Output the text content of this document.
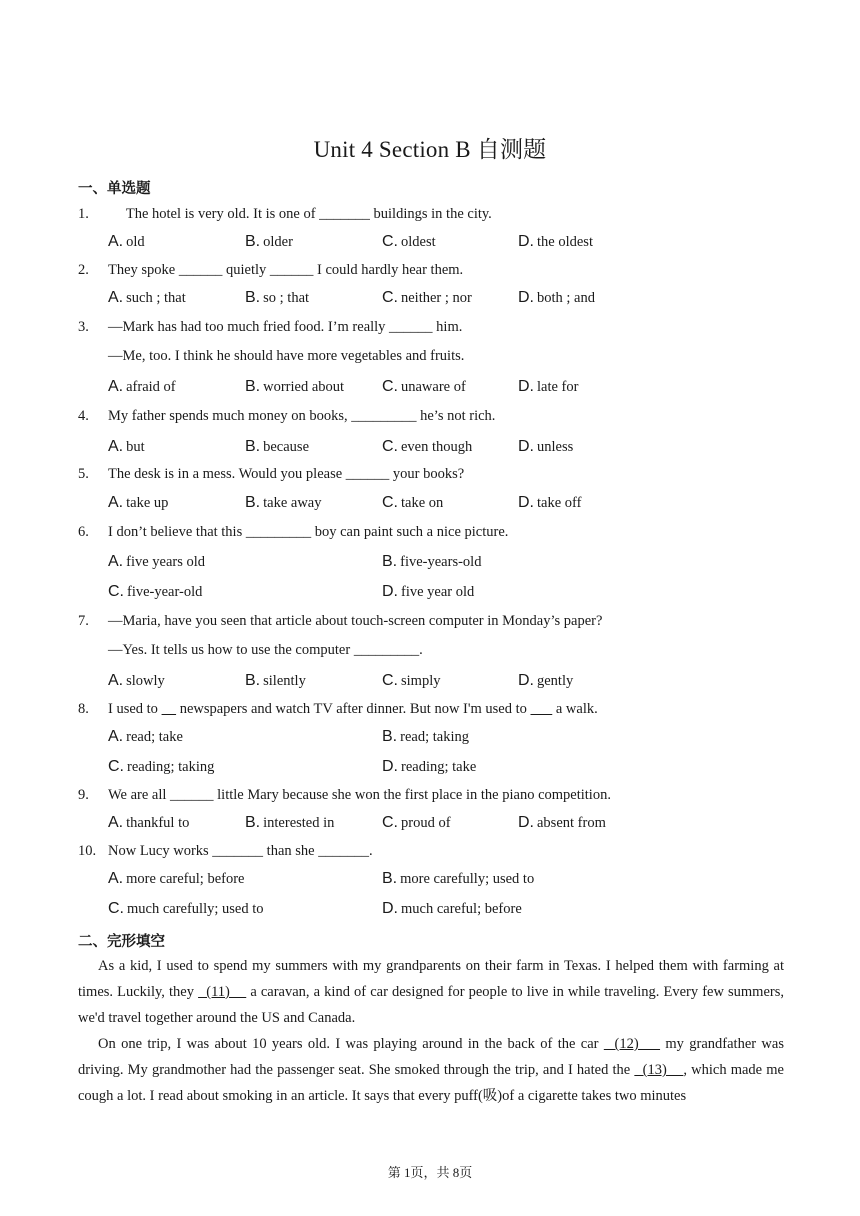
Unit 4 Section B 自测题
一、单选题
1. The hotel is very old. It is one of _______ buildings in the city.
A. old	B. older	C. oldest	D. the oldest
2. They spoke ______ quietly ______ I could hardly hear them.
A. such ; that	B. so ; that	C. neither ; nor	D. both ; and
3. —Mark has had too much fried food. I’m really ______ him.
—Me, too. I think he should have more vegetables and fruits.
A. afraid of	B. worried about C. unaware of	D. late for
4. My father spends much money on books, _________ he’s not rich.
A. but	B. because	C. even though	D. unless
5. The desk is in a mess. Would you please ______ your books?
A. take up	B. take away	C. take on	D. take off
6. I don’t believe that this _________ boy can paint such a nice picture.
A. five years old	B. five-years-old
C. five-year-old	D. five year old
7. —Maria, have you seen that article about touch-screen computer in Monday’s paper?
—Yes. It tells us how to use the computer _________.
A. slowly	B. silently	C. simply	D. gently
8. I used to      newspapers and watch TV after dinner. But now I'm used to        a walk.
A. read; take	B. read; taking
C. reading; taking	D. reading; take
9. We are all ______ little Mary because she won the first place in the piano competition.
A. thankful to	B. interested in	C. proud of	D. absent from
10. Now Lucy works _______ than she _______.
A. more careful; before	B. more carefully; used to
C. much carefully; used to	D. much careful; before
二、完形填空

As a kid, I used to spend my summers with my grandparents on their farm in Texas. I helped them with farming at times. Luckily, they   (11)     a caravan, a kind of car designed for people to live in while traveling. Every few summers, we'd travel together around the US and Canada.

On one trip, I was about 10 years old. I was playing around in the back of the car   (12)     my grandfather was driving. My grandmother had the passenger seat. She smoked through the trip, and I hated the   (13)    , which made me cough a lot. I read about smoking in an article. It says that every puff(吸)of a cigarette takes two minutes

第 1页，共 8页
